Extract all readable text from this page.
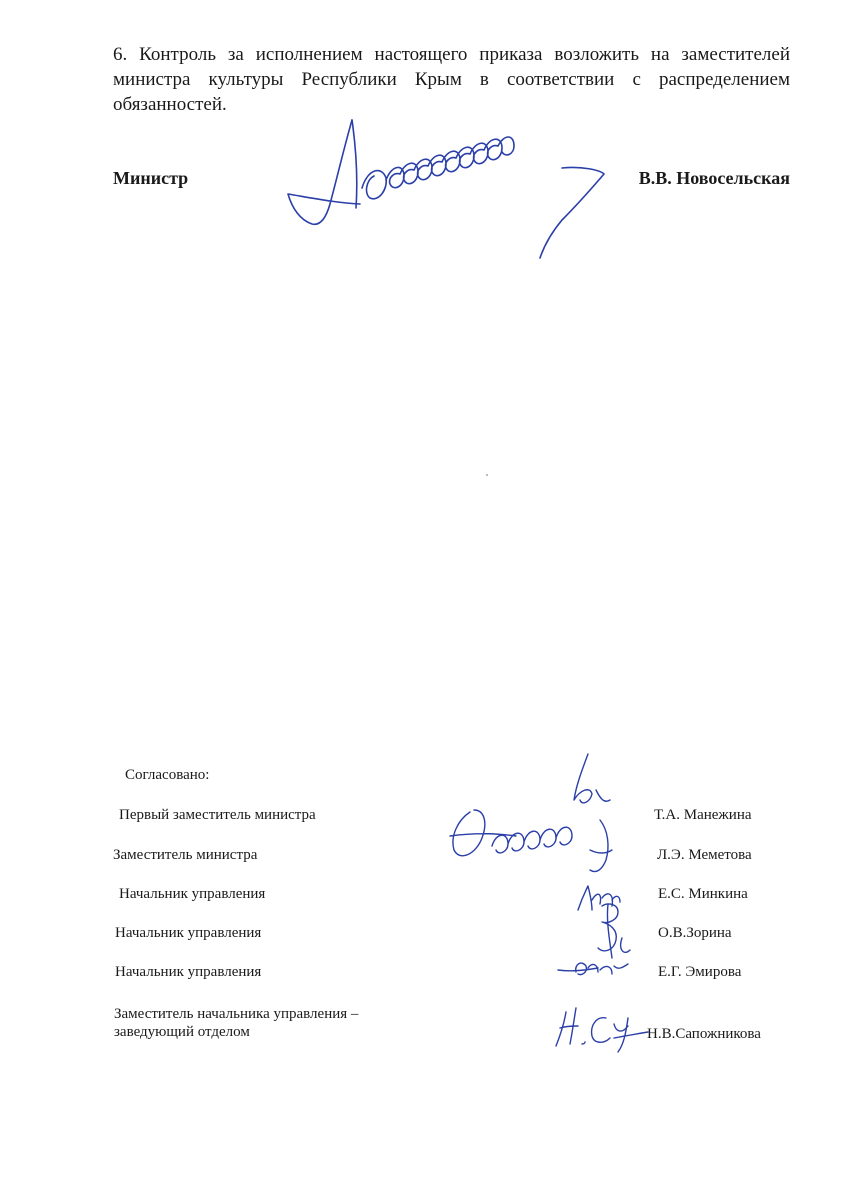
6. Контроль за исполнением настоящего приказа возложить на заместителей министра культуры Республики Крым в соответствии с распределением обязанностей.

Министр	В.В. Новосельская
Согласовано:
Первый заместитель министра	Т.А. Манежина
Заместитель министра	Л.Э. Меметова
Начальник управления	Е.С. Минкина
Начальник управления	О.В.Зорина
Начальник управления	Е.Г. Эмирова
Заместитель начальника управления –
заведующий отделом	Н.В.Сапожникова
